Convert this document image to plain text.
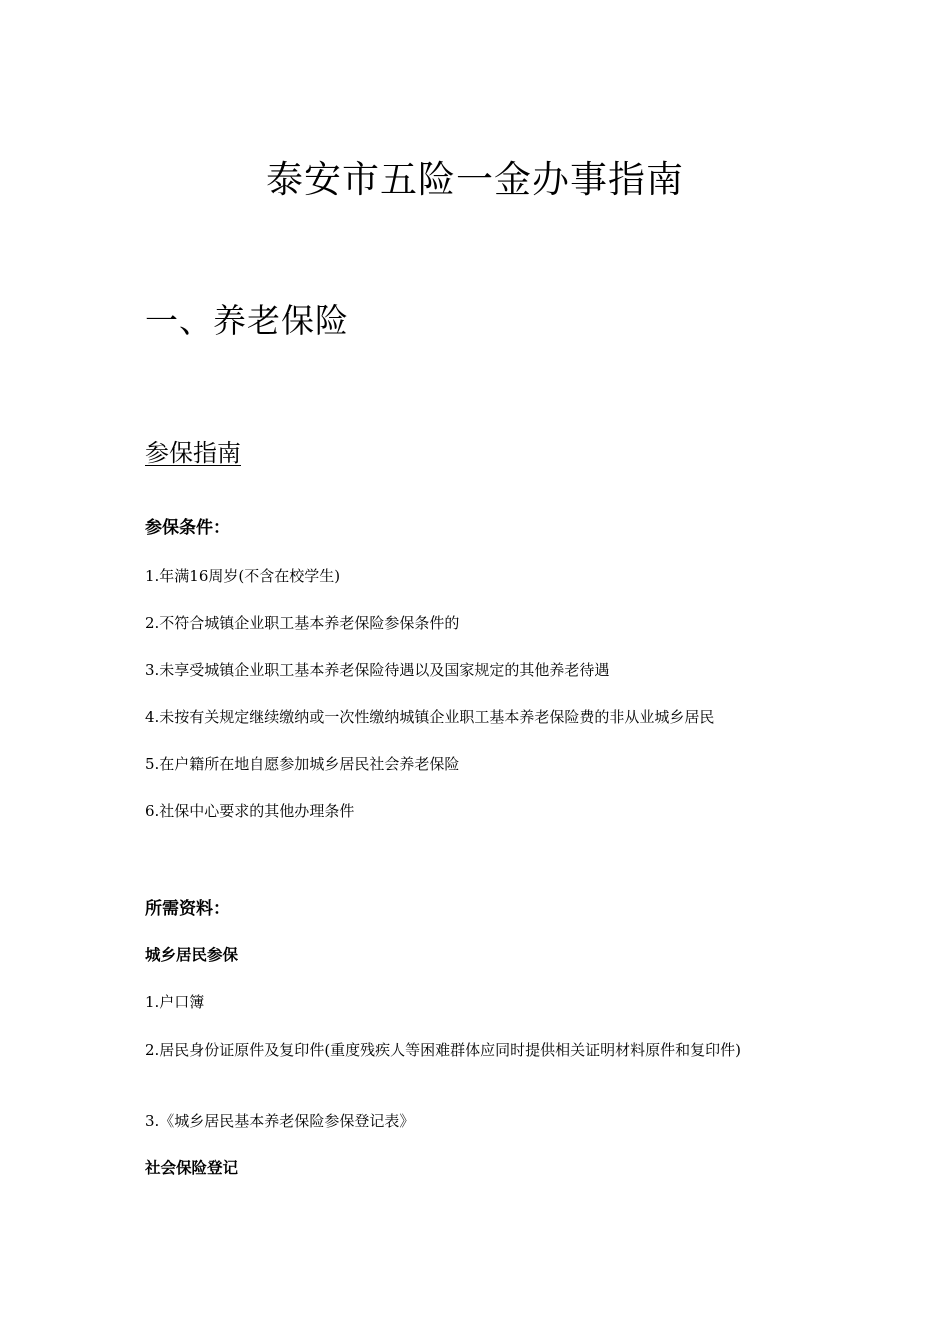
泰安市五险一金办事指南
一、养老保险
参保指南
参保条件：
1.年满16周岁(不含在校学生)
2.不符合城镇企业职工基本养老保险参保条件的
3.未享受城镇企业职工基本养老保险待遇以及国家规定的其他养老待遇
4.未按有关规定继续缴纳或一次性缴纳城镇企业职工基本养老保险费的非从业城乡居民
5.在户籍所在地自愿参加城乡居民社会养老保险
6.社保中心要求的其他办理条件
所需资料：
城乡居民参保
1.户口簿
2.居民身份证原件及复印件(重度残疾人等困难群体应同时提供相关证明材料原件和复印件)
3.《城乡居民基本养老保险参保登记表》
社会保险登记
